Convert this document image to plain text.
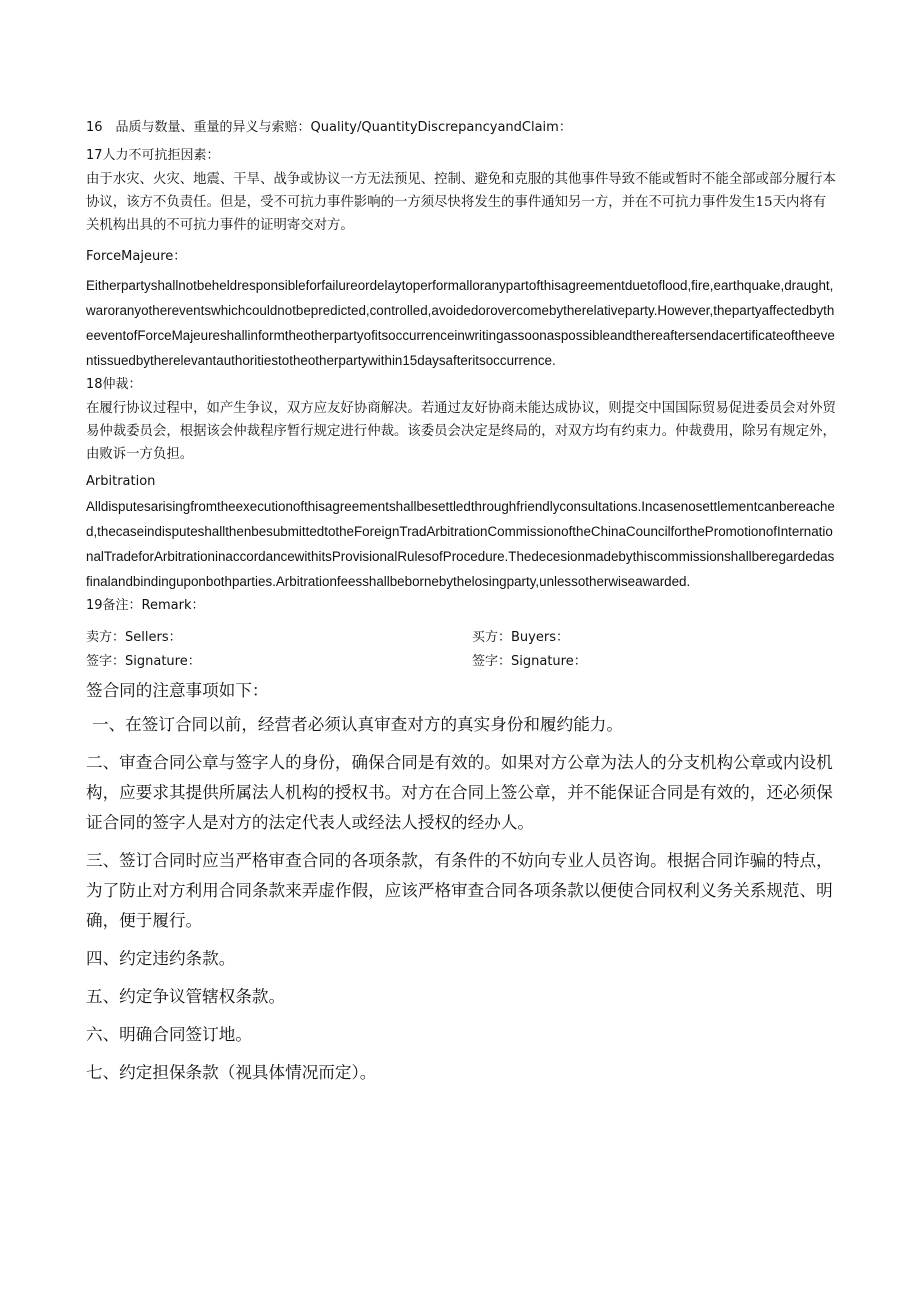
16　品质与数量、重量的异义与索赔：Quality/QuantityDiscrepancyandClaim：

17人力不可抗拒因素：

由于水灾、火灾、地震、干旱、战争或协议一方无法预见、控制、避免和克服的其他事件导致不能或暂时不能全部或部分履行本协议，该方不负责任。但是，受不可抗力事件影响的一方须尽快将发生的事件通知另一方，并在不可抗力事件发生15天内将有关机构出具的不可抗力事件的证明寄交对方。

ForceMajeure：

Eitherpartyshallnotbeheldresponsibleforfailureordelaytoperformalloranypartofthisagreementduetoflood,fire,earthquake,draught,waroranyothereventswhichcouldnotbepredicted,controlled,avoidedorovercomebytherelativeparty.However,thepartyaffectedbytheeventofForceMajeureshallinformtheotherpartyofitsoccurrenceinwritingassoonaspossibleandthereaftersendacertificateoftheeventissuedbytherelevantauthoritiestotheotherpartywithin15daysafteritsoccurrence.

18仲裁：

在履行协议过程中，如产生争议，双方应友好协商解决。若通过友好协商未能达成协议，则提交中国国际贸易促进委员会对外贸易仲裁委员会，根据该会仲裁程序暂行规定进行仲裁。该委员会决定是终局的，对双方均有约束力。仲裁费用，除另有规定外，由败诉一方负担。

Arbitration

Alldisputesarisingfromtheexecutionofthisagreementshallbesettledthroughfriendlyconsultations.Incasenosettlementcanbereached,thecaseindisputeshallthenbesubmittedtotheForeignTradArbitrationCommissionoftheChinaCouncilforthePromotionofInternationalTradeforArbitrationinaccordancewithitsProvisionalRulesofProcedure.Thedecesionmadebythiscommissionshallberegardedasfinalandbindinguponbothparties.Arbitrationfeesshallbebornebythelosingparty,unlessotherwiseawarded.

19备注：Remark：

卖方：Sellers：	买方：Buyers：
签字：Signature：	签字：Signature：

签合同的注意事项如下：

一、在签订合同以前，经营者必须认真审查对方的真实身份和履约能力。

二、审查合同公章与签字人的身份，确保合同是有效的。如果对方公章为法人的分支机构公章或内设机构，应要求其提供所属法人机构的授权书。对方在合同上签公章，并不能保证合同是有效的，还必须保证合同的签字人是对方的法定代表人或经法人授权的经办人。

三、签订合同时应当严格审查合同的各项条款，有条件的不妨向专业人员咨询。根据合同诈骗的特点，为了防止对方利用合同条款来弄虚作假，应该严格审查合同各项条款以便使合同权利义务关系规范、明确，便于履行。

四、约定违约条款。

五、约定争议管辖权条款。

六、明确合同签订地。

七、约定担保条款（视具体情况而定）。
